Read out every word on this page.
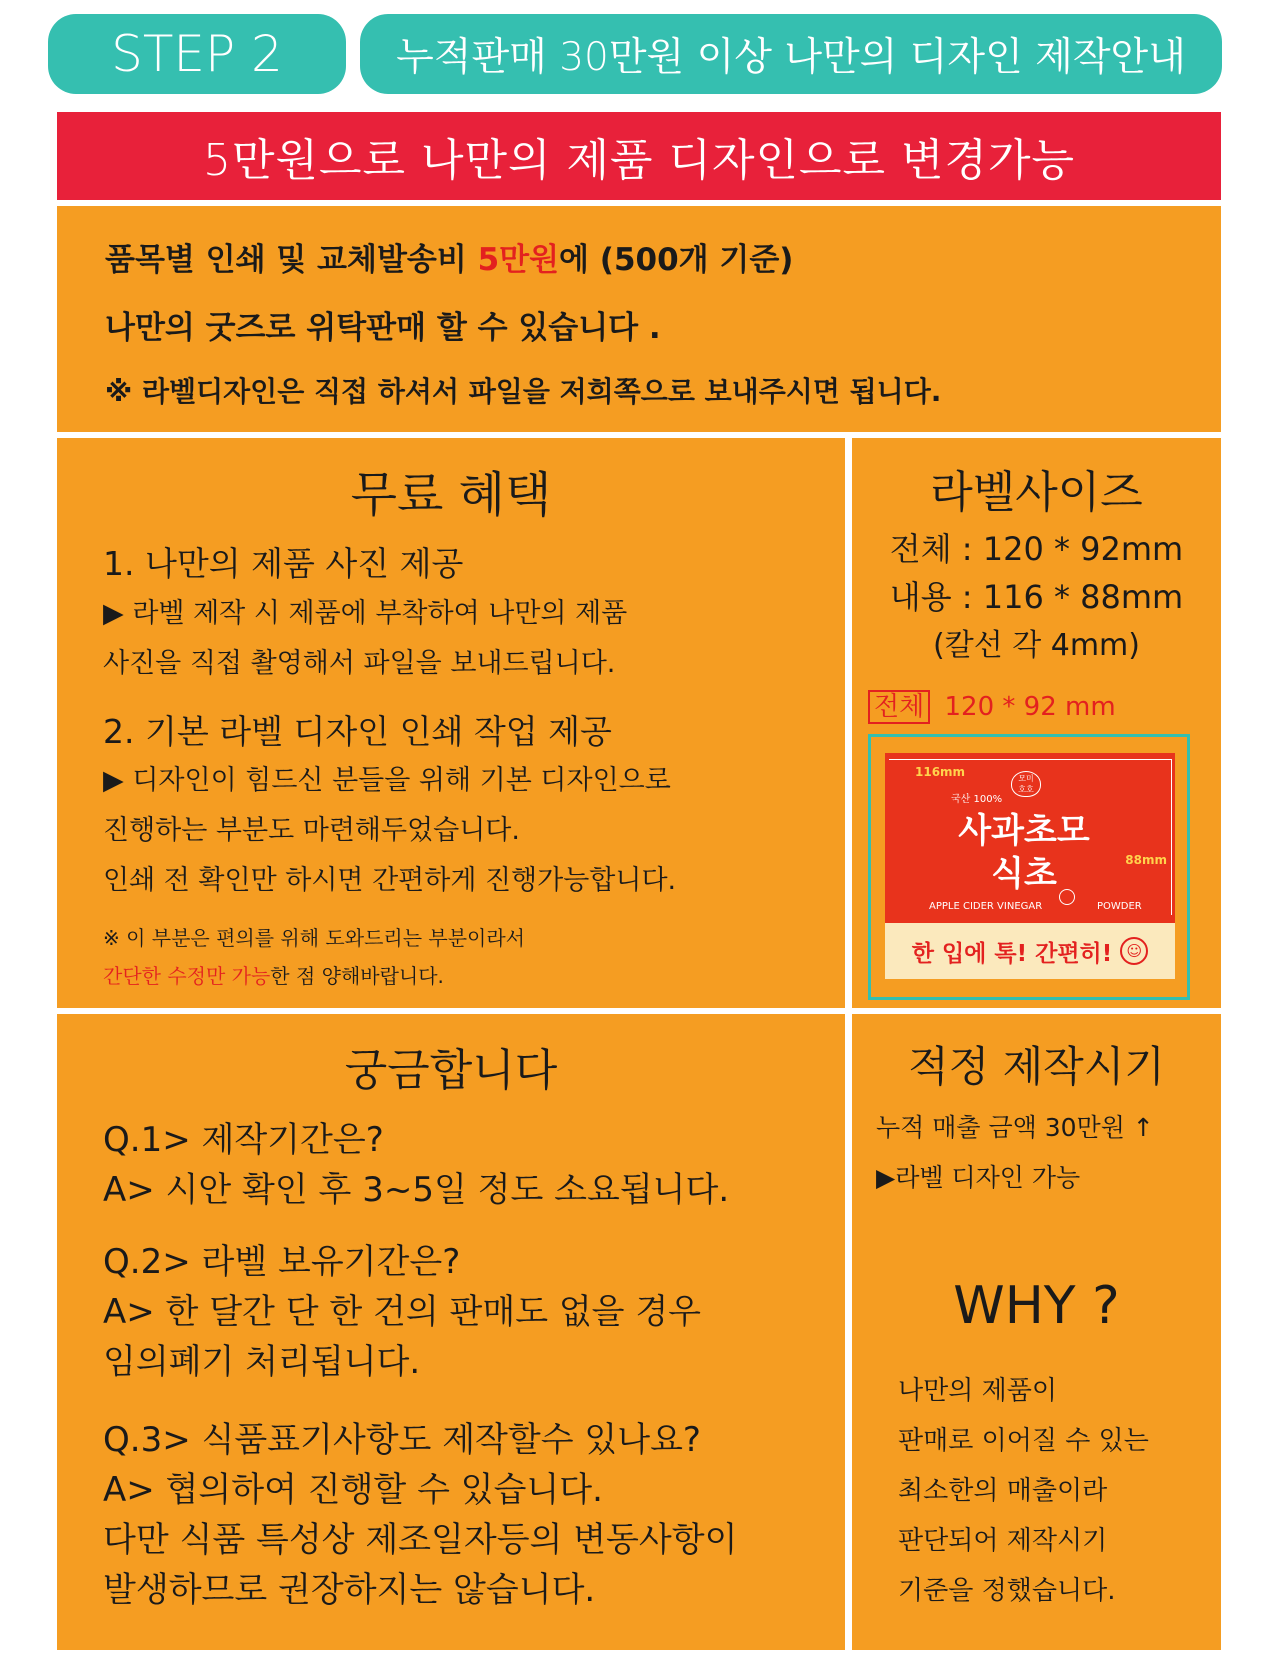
STEP 2	누적판매 30만원 이상 나만의 디자인 제작안내
5만원으로 나만의 제품 디자인으로 변경가능
품목별 인쇄 및 교체발송비 5만원에 (500개 기준)
나만의 굿즈로 위탁판매 할 수 있습니다 .
※ 라벨디자인은 직접 하셔서 파일을 저희쪽으로 보내주시면 됩니다.
무료 혜택
1. 나만의 제품 사진 제공
▶ 라벨 제작 시 제품에 부착하여 나만의 제품
사진을 직접 촬영해서 파일을 보내드립니다.
2. 기본 라벨 디자인 인쇄 작업 제공
▶ 디자인이 힘드신 분들을 위해 기본 디자인으로
진행하는 부분도 마련해두었습니다.
인쇄 전 확인만 하시면 간편하게 진행가능합니다.
※ 이 부분은 편의를 위해 도와드리는 부분이라서
간단한 수정만 가능한 점 양해바랍니다.
라벨사이즈
전체 : 120 * 92mm
내용 : 116 * 88mm
(칼선 각 4mm)
전체 120 * 92 mm
116mm	모미
호호
국산 100%
사과초모
식초	88mm
APPLE CIDER VINEGAR	POWDER
한 입에 톡! 간편히! ☺
궁금합니다
Q.1> 제작기간은?
A> 시안 확인 후 3~5일 정도 소요됩니다.
Q.2> 라벨 보유기간은?
A> 한 달간 단 한 건의 판매도 없을 경우
임의폐기 처리됩니다.
Q.3> 식품표기사항도 제작할수 있나요?
A> 협의하여 진행할 수 있습니다.
다만 식품 특성상 제조일자등의 변동사항이
발생하므로 권장하지는 않습니다.
적정 제작시기
누적 매출 금액 30만원 ↑
▶라벨 디자인 가능
WHY ?
나만의 제품이
판매로 이어질 수 있는
최소한의 매출이라
판단되어 제작시기
기준을 정했습니다.
